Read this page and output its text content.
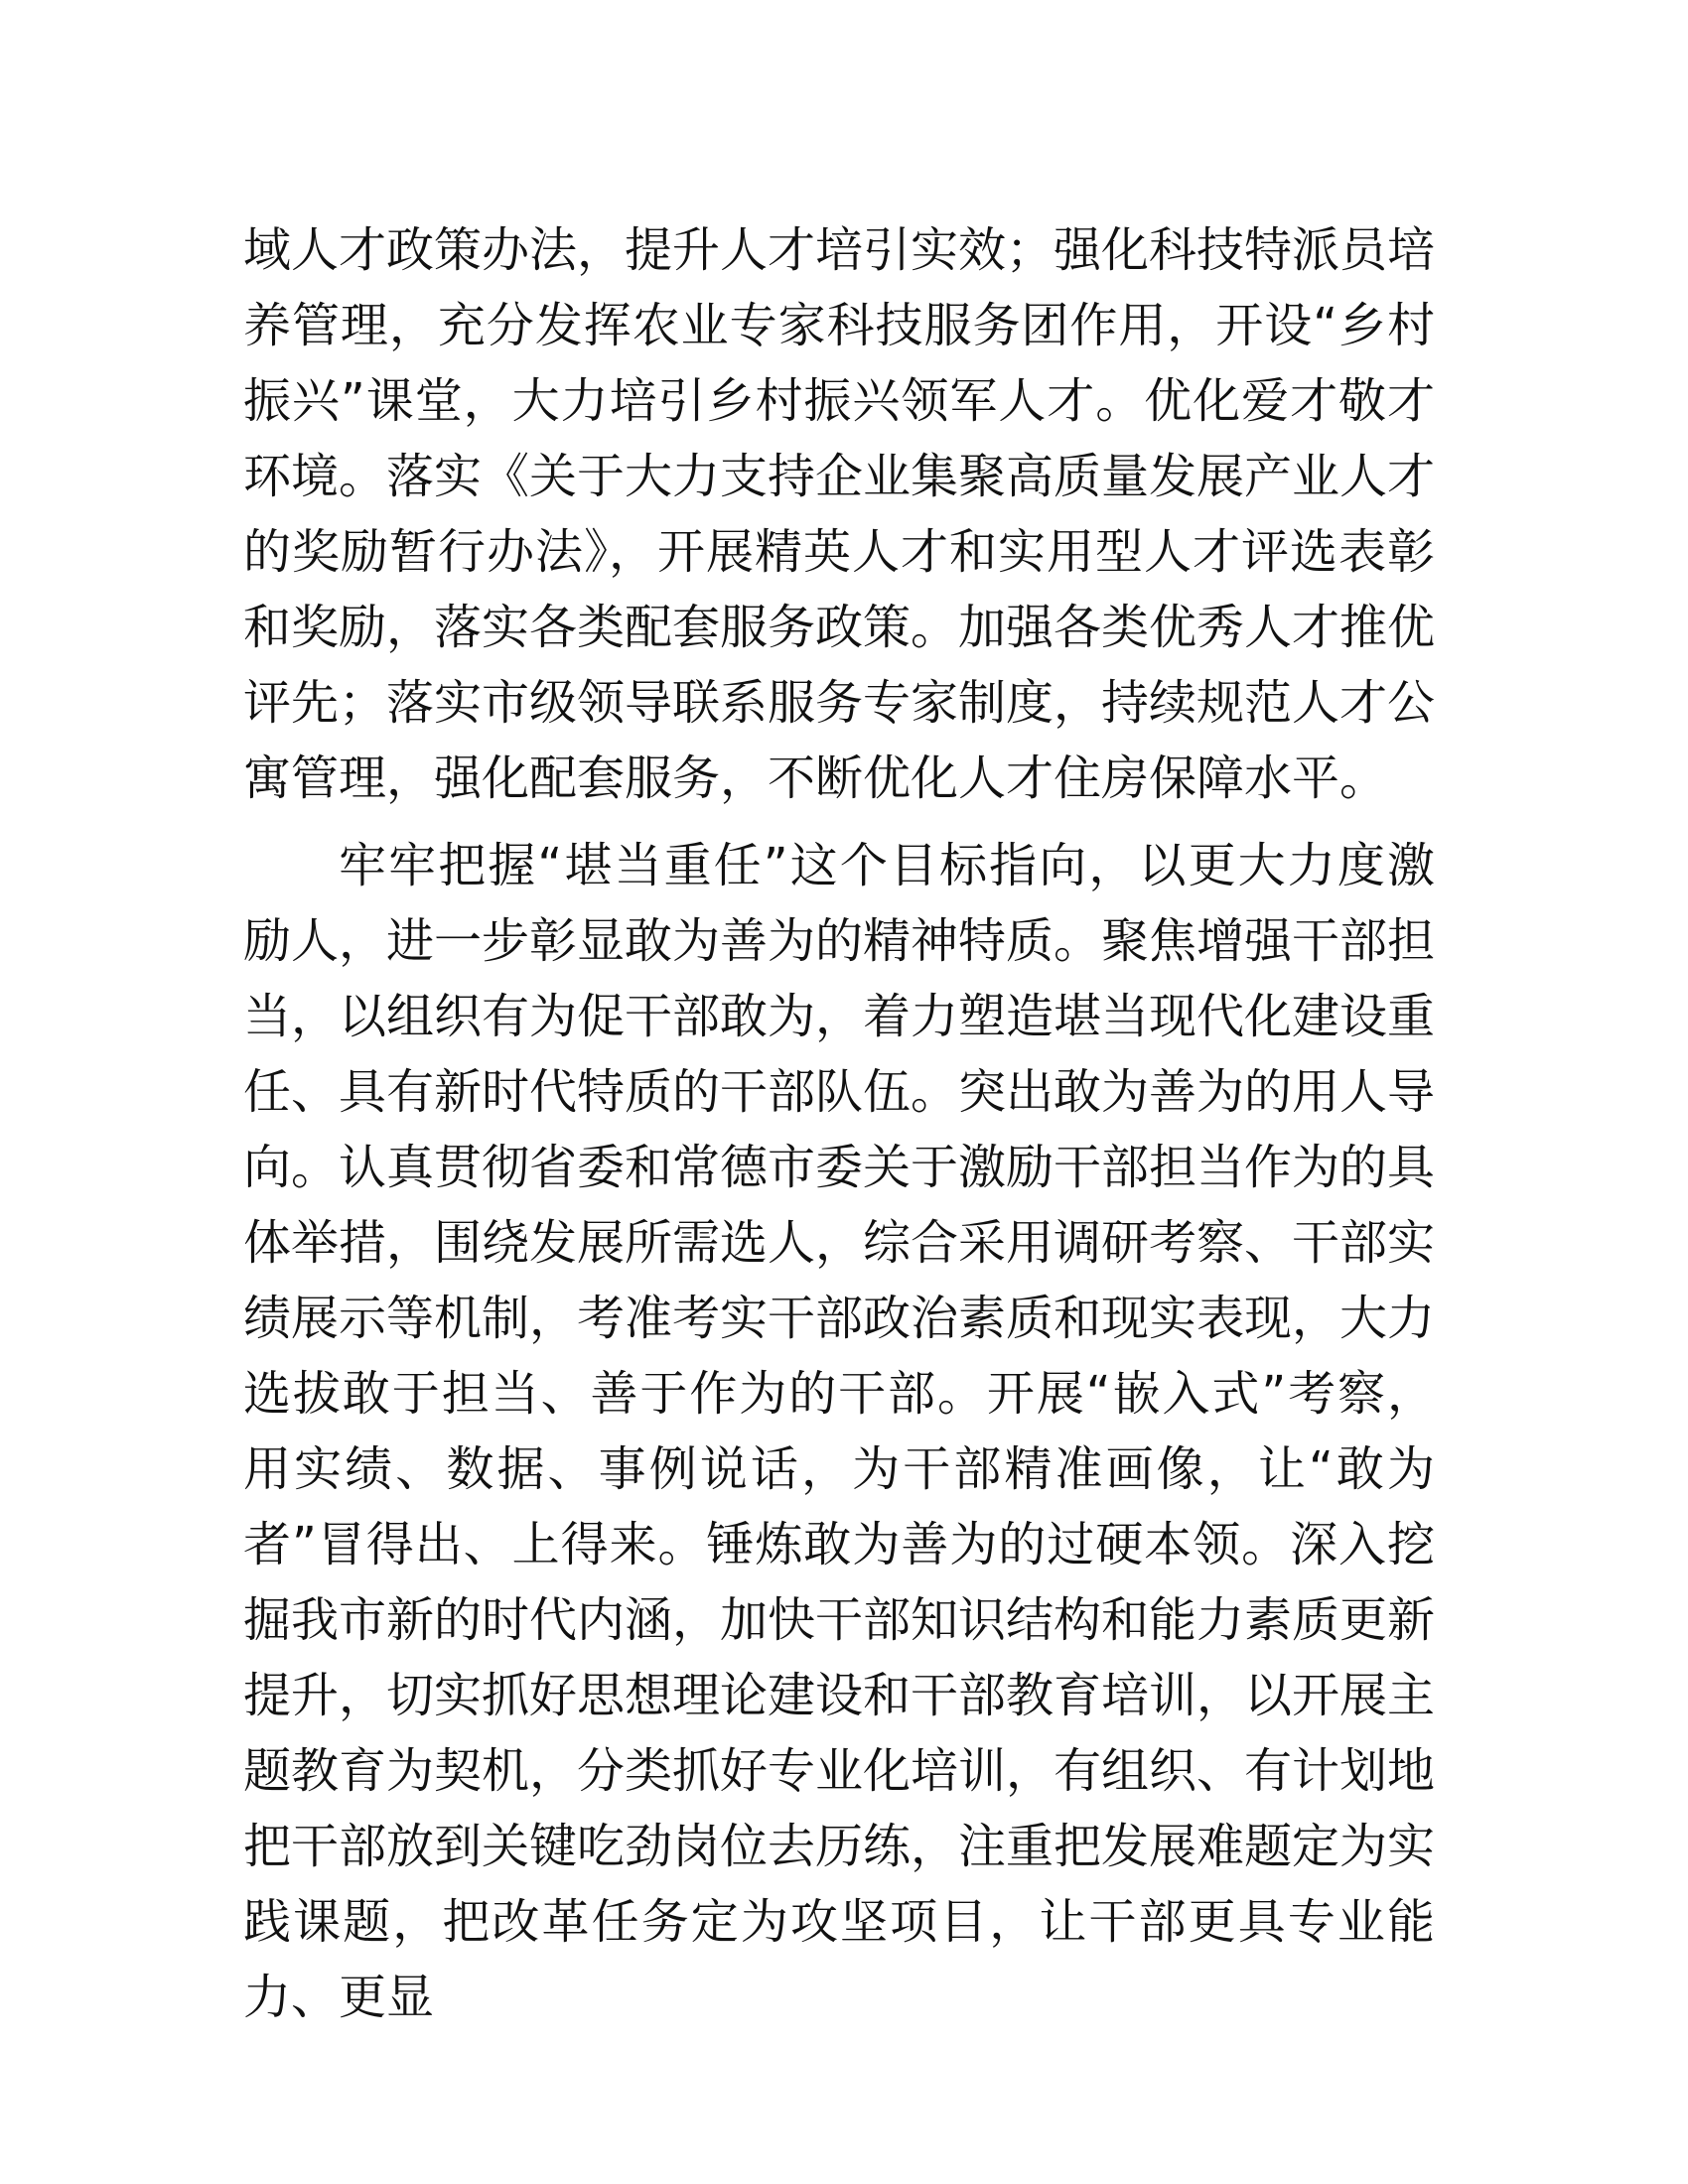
域人才政策办法，提升人才培引实效；强化科技特派员培养管理，充分发挥农业专家科技服务团作用，开设“乡村振兴”课堂，大力培引乡村振兴领军人才。优化爱才敬才环境。落实《关于大力支持企业集聚高质量发展产业人才的奖励暂行办法》，开展精英人才和实用型人才评选表彰和奖励，落实各类配套服务政策。加强各类优秀人才推优评先；落实市级领导联系服务专家制度，持续规范人才公寓管理，强化配套服务，不断优化人才住房保障水平。

牢牢把握“堪当重任”这个目标指向，以更大力度激励人，进一步彰显敢为善为的精神特质。聚焦增强干部担当，以组织有为促干部敢为，着力塑造堪当现代化建设重任、具有新时代特质的干部队伍。突出敢为善为的用人导向。认真贯彻省委和常德市委关于激励干部担当作为的具体举措，围绕发展所需选人，综合采用调研考察、干部实绩展示等机制，考准考实干部政治素质和现实表现，大力选拔敢于担当、善于作为的干部。开展“嵌入式”考察，用实绩、数据、事例说话，为干部精准画像，让“敢为者”冒得出、上得来。锤炼敢为善为的过硬本领。深入挖掘我市新的时代内涵，加快干部知识结构和能力素质更新提升，切实抓好思想理论建设和干部教育培训，以开展主题教育为契机，分类抓好专业化培训，有组织、有计划地把干部放到关键吃劲岗位去历练，注重把发展难题定为实践课题，把改革任务定为攻坚项目，让干部更具专业能力、更显
